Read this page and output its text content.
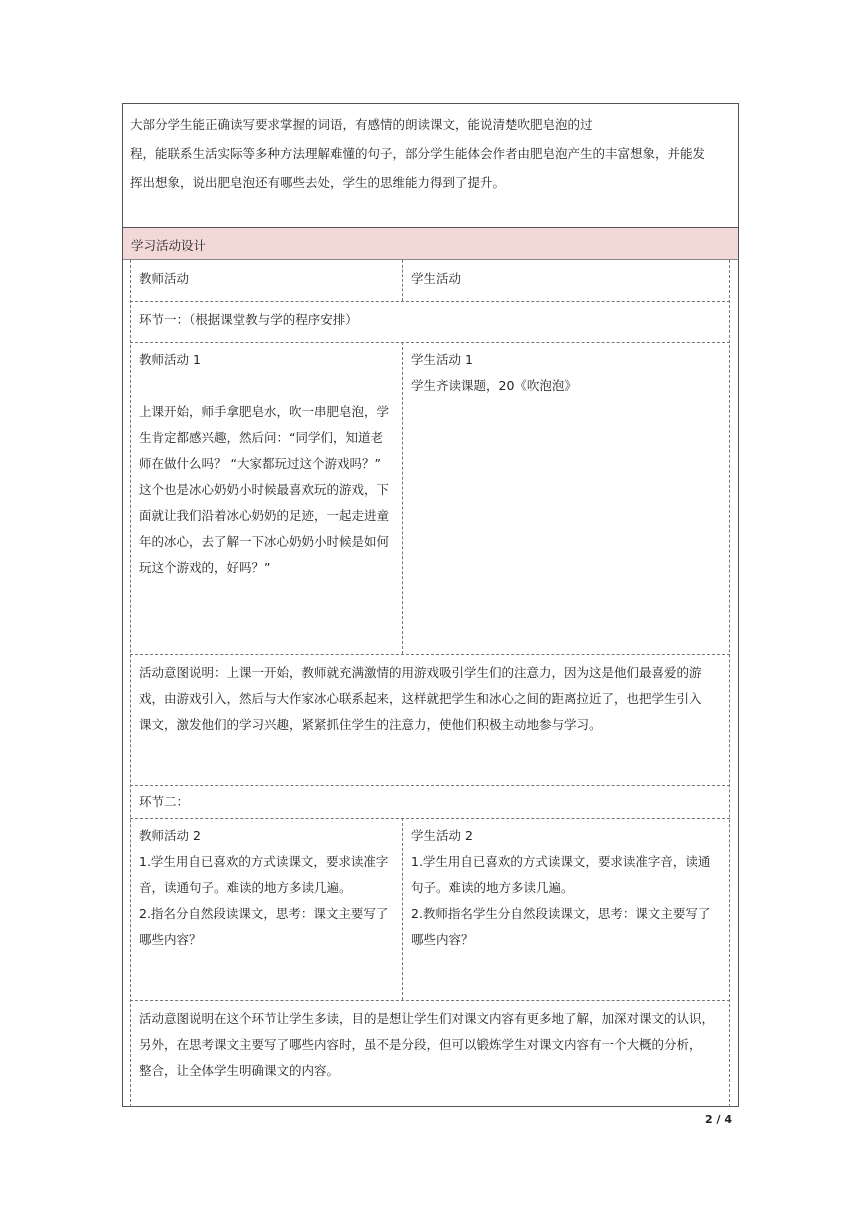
大部分学生能正确读写要求掌握的词语，有感情的朗读课文，能说清楚吹肥皂泡的过

程，能联系生活实际等多种方法理解难懂的句子，部分学生能体会作者由肥皂泡产生的丰富想象，并能发

挥出想象，说出肥皂泡还有哪些去处，学生的思维能力得到了提升。

学习活动设计
教师活动	学生活动
环节一：（根据课堂教与学的程序安排）

教师活动 1

上课开始，师手拿肥皂水，吹一串肥皂泡，学

生肯定都感兴趣，然后问：“同学们，知道老

师在做什么吗？ “大家都玩过这个游戏吗？”

这个也是冰心奶奶小时候最喜欢玩的游戏，下

面就让我们沿着冰心奶奶的足迹，一起走进童

年的冰心，去了解一下冰心奶奶小时候是如何

玩这个游戏的，好吗？”

学生活动 1

学生齐读课题，20《吹泡泡》

活动意图说明：上课一开始，教师就充满激情的用游戏吸引学生们的注意力，因为这是他们最喜爱的游

戏，由游戏引入，然后与大作家冰心联系起来，这样就把学生和冰心之间的距离拉近了，也把学生引入

课文，激发他们的学习兴趣，紧紧抓住学生的注意力，使他们积极主动地参与学习。

环节二：

教师活动 2

1.学生用自已喜欢的方式读课文，要求读准字

音，读通句子。难读的地方多读几遍。

2.指名分自然段读课文，思考：课文主要写了

哪些内容？

学生活动 2

1.学生用自已喜欢的方式读课文，要求读准字音，读通

句子。难读的地方多读几遍。

2.教师指名学生分自然段读课文，思考：课文主要写了

哪些内容？

活动意图说明在这个环节让学生多读，目的是想让学生们对课文内容有更多地了解，加深对课文的认识，

另外，在思考课文主要写了哪些内容时，虽不是分段，但可以锻炼学生对课文内容有一个大概的分析，

整合，让全体学生明确课文的内容。

2 / 4
